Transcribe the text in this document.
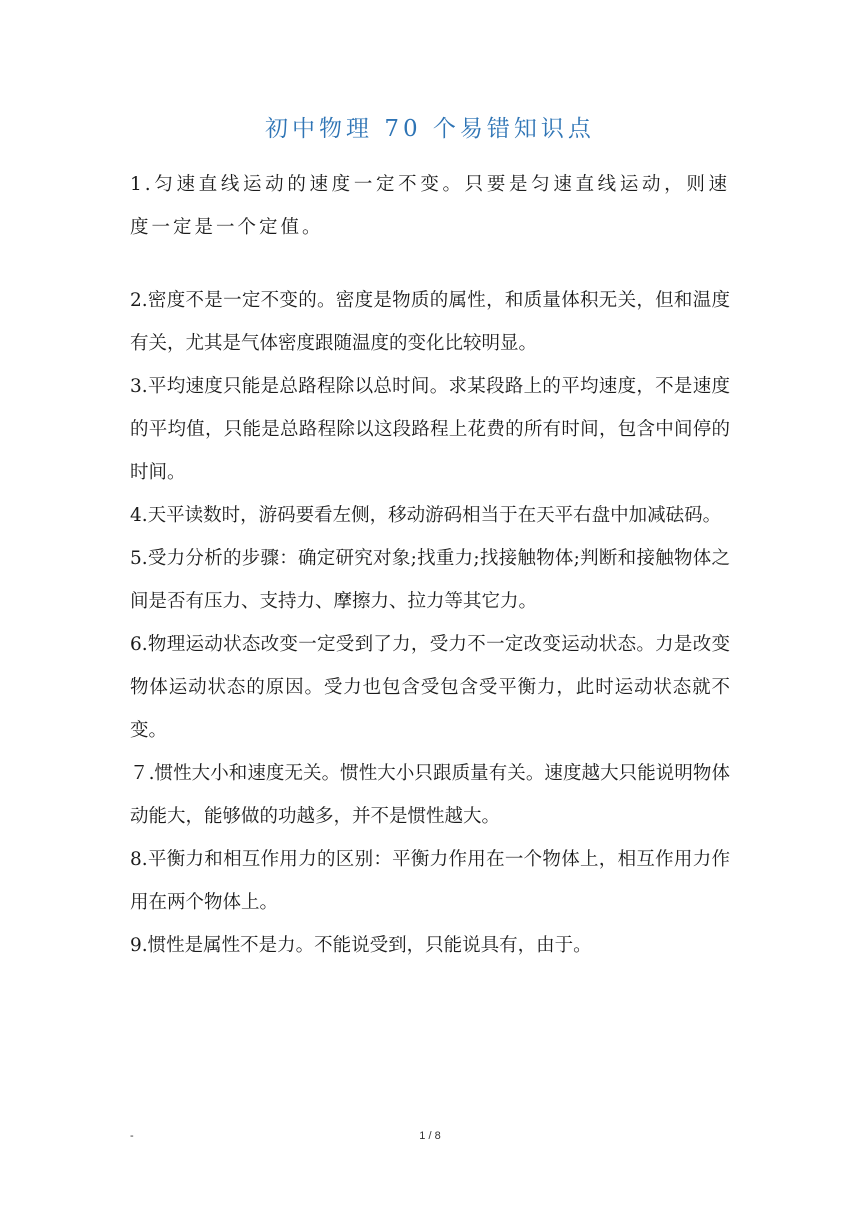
初中物理 70 个易错知识点

1.匀速直线运动的速度一定不变。只要是匀速直线运动，则速度一定是一个定值。

2.密度不是一定不变的。密度是物质的属性，和质量体积无关，但和温度有关，尤其是气体密度跟随温度的变化比较明显。

3.平均速度只能是总路程除以总时间。求某段路上的平均速度，不是速度的平均值，只能是总路程除以这段路程上花费的所有时间，包含中间停的时间。

4.天平读数时，游码要看左侧，移动游码相当于在天平右盘中加减砝码。

5.受力分析的步骤：确定研究对象;找重力;找接触物体;判断和接触物体之间是否有压力、支持力、摩擦力、拉力等其它力。

6.物理运动状态改变一定受到了力，受力不一定改变运动状态。力是改变物体运动状态的原因。受力也包含受包含受平衡力，此时运动状态就不变。

７.惯性大小和速度无关。惯性大小只跟质量有关。速度越大只能说明物体动能大，能够做的功越多，并不是惯性越大。

8.平衡力和相互作用力的区别：平衡力作用在一个物体上，相互作用力作用在两个物体上。

9.惯性是属性不是力。不能说受到，只能说具有，由于。

-	1 / 8
